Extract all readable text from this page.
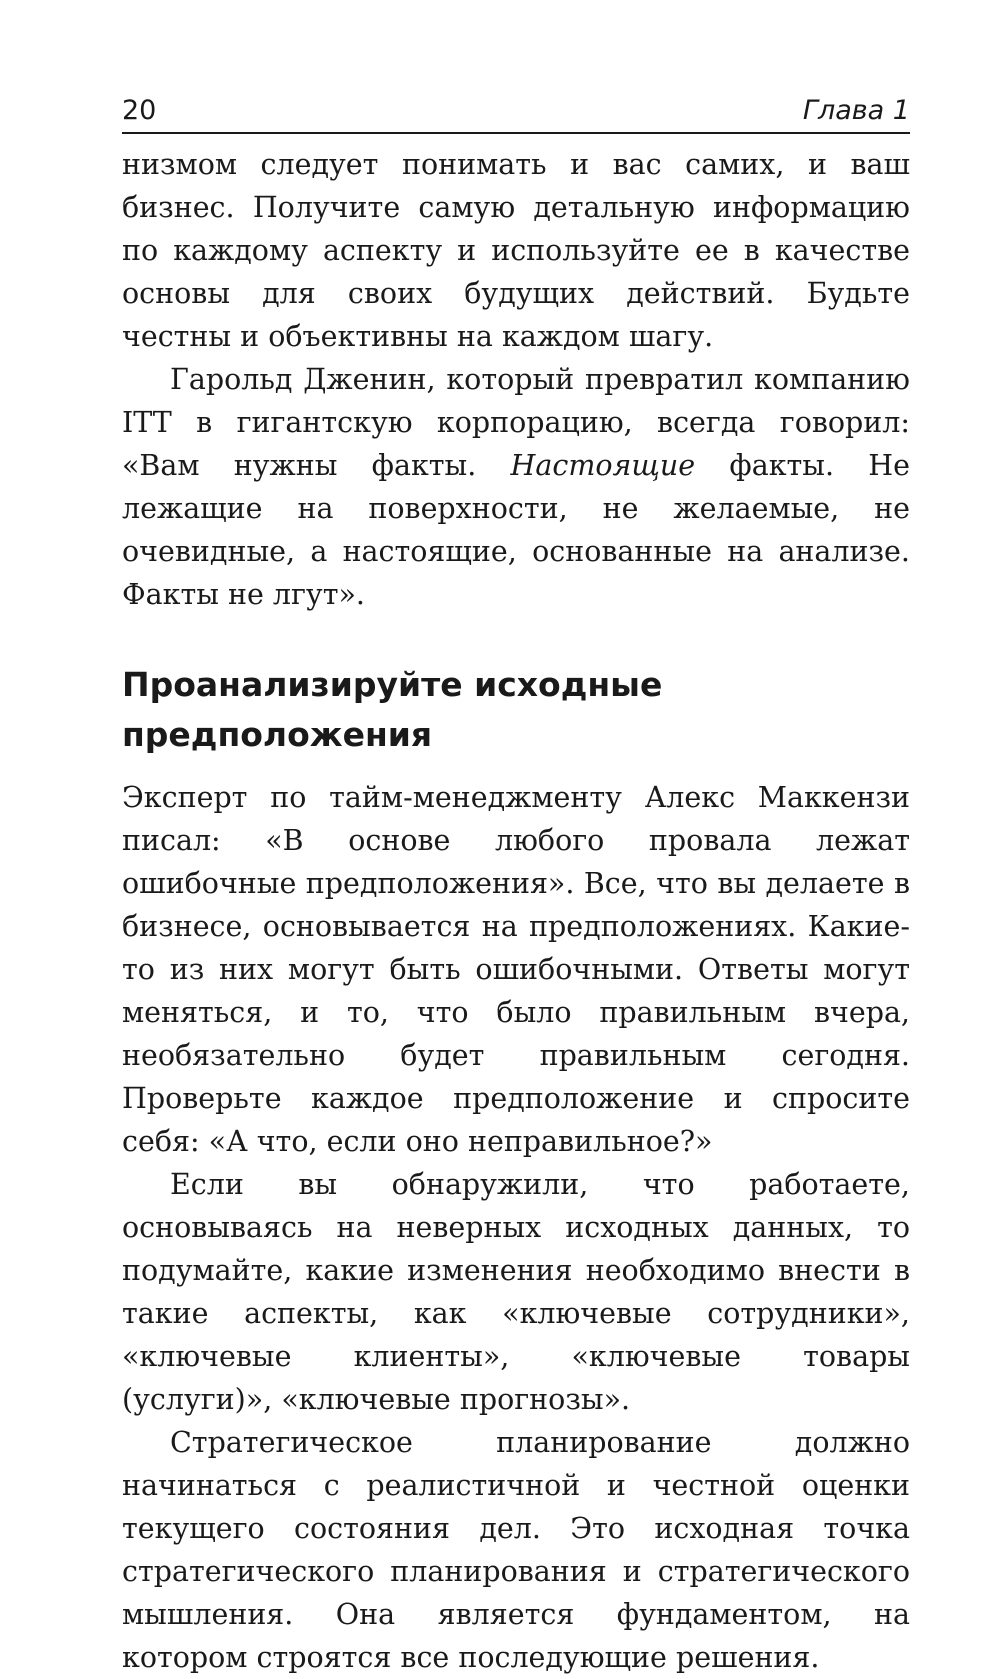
20	Глава 1

низмом следует понимать и вас самих, и ваш бизнес. Получите самую детальную информацию по каждому аспекту и используйте ее в качестве основы для своих будущих действий. Будьте честны и объективны на каждом шагу.

Гарольд Дженин, который превратил компанию ITT в гигантскую корпорацию, всегда говорил: «Вам нужны факты. Настоящие факты. Не лежащие на поверхности, не желаемые, не очевидные, а настоящие, основанные на анализе. Факты не лгут».

Проанализируйте исходные
предположения

Эксперт по тайм-менеджменту Алекс Маккензи писал: «В основе любого провала лежат ошибочные предположения». Все, что вы делаете в бизнесе, основывается на предположениях. Какие-то из них могут быть ошибочными. Ответы могут меняться, и то, что было правильным вчера, необязательно будет правильным сегодня. Проверьте каждое предположение и спросите себя: «А что, если оно неправильное?»

Если вы обнаружили, что работаете, основываясь на неверных исходных данных, то подумайте, какие изменения необходимо внести в такие аспекты, как «ключевые сотрудники», «ключевые клиенты», «ключевые товары (услуги)», «ключевые прогнозы».

Стратегическое планирование должно начинаться с реалистичной и честной оценки текущего состояния дел. Это исходная точка стратегического планирования и стратегического мышления. Она является фундаментом, на котором строятся все последующие решения.
